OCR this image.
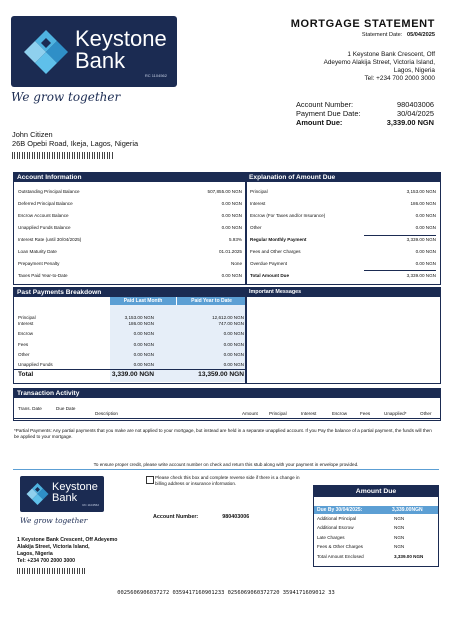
Keystone
Bank
RC 1104562
We grow together
MORTGAGE STATEMENT
Statement Date: 05/04/2025
1 Keystone Bank Crescent, Off
Adeyemo Alakija Street, Victoria Island,
Lagos, Nigeria
Tel: +234 700 2000 3000
Account Number:	980403006
Payment Due Date:	30/04/2025
Amount Due:	3,339.00 NGN
John Citizen
26B Opebi Road, Ikeja, Lagos, Nigeria
Account Information
Outstanding Principal Balance	507,855.00 NGN
Deferred Principal Balance	0.00 NGN
Escrow Account Balance	0.00 NGN
Unapplied Funds Balance	0.00 NGN
Interest Rate (until 30/04/2025)	5.93%
Loan Maturity Date	01.01.2025
Prepayment Penalty	None
Taxes Paid Year-to-Date	0.00 NGN
Explanation of Amount Due
Principal	3,153.00 NGN
Interest	186.00 NGN
Escrow (For Taxes and/or Insurance)	0.00 NGN
Other	0.00 NGN
Regular Monthly Payment	3,339.00 NGN
Fees and Other Charges	0.00 NGN
Overdue Payment	0.00 NGN
Total Amount Due	3,339.00 NGN
Past Payments Breakdown
Paid Last Month	Paid Year to Date
Principal	3,153.00 NGN	12,612.00 NGN
Interest	186.00 NGN	747.00 NGN
Escrow	0.00 NGN	0.00 NGN
Fees	0.00 NGN	0.00 NGN
Other	0.00 NGN	0.00 NGN
Unapplied Funds	0.00 NGN	0.00 NGN
Total	3,339.00 NGN	13,359.00 NGN
Important Messages
Transaction Activity
Trans. Date	Due Date
Description	Amount Principal	Interest	Escrow	Fees	Unapplied*	Other
*Partial Payments: Any partial payments that you make are not applied to your mortgage, but instead are held in a separate unapplied account. If you Pay the balance of a partial payment, the funds will then be applied to your mortgage.
To ensure proper credit, please write account number on check and return this stub along with your payment in envelope provided.
Keystone
Bank
RC 1104562
We grow together
Please check this box and complete reverse side if there is a change in billing address or insurance information.
Account Number:	980403006
1 Keystone Bank Crescent, Off Adeyemo
Alakija Street, Victoria Island,
Lagos, Nigeria
Tel: +234 700 2000 3000
Amount Due
Due By 30/04/2025:	3,339.00NGN
Additional Principal	NGN
Additional Escrow	NGN
Late Charges	NGN
Fees & Other Charges	NGN
Total Amount Enclosed	3,339.00 NGN
0025606906037272 0359417160901233 0256069060372720 3594171609012 33
